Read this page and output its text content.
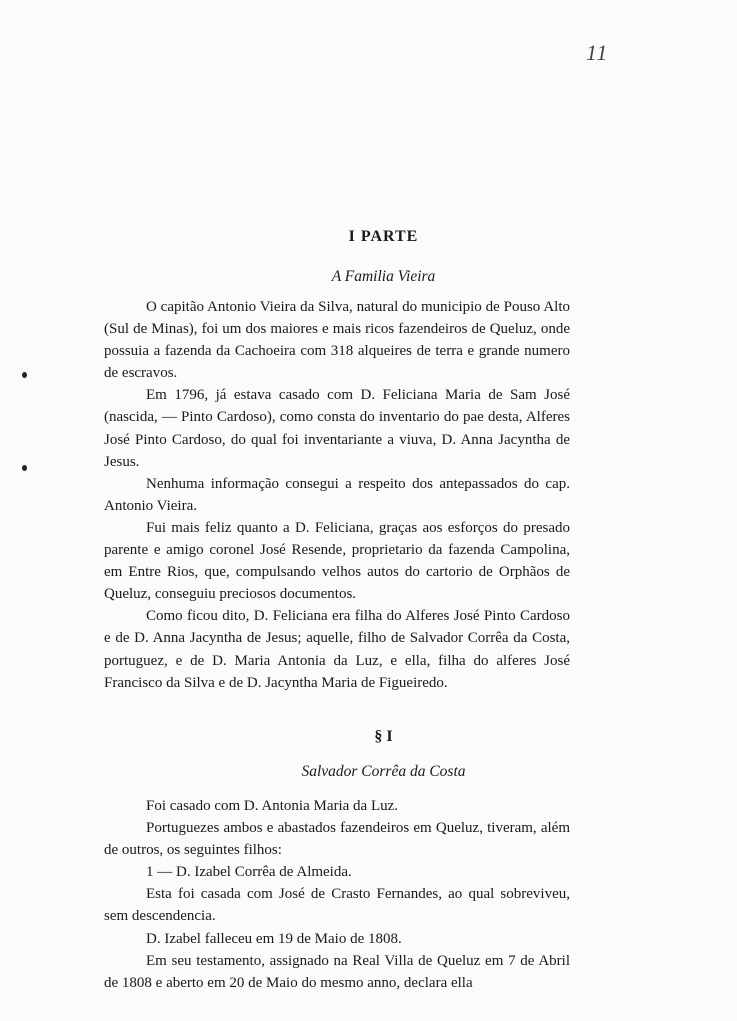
11
I PARTE
A Familia Vieira

O capitão Antonio Vieira da Silva, natural do municipio de Pouso Alto (Sul de Minas), foi um dos maiores e mais ricos fazendeiros de Queluz, onde possuia a fazenda da Cachoeira com 318 alqueires de terra e grande numero de escravos.

Em 1796, já estava casado com D. Feliciana Maria de Sam José (nascida, — Pinto Cardoso), como consta do inventario do pae desta, Alferes José Pinto Cardoso, do qual foi inventariante a viuva, D. Anna Jacyntha de Jesus.

Nenhuma informação consegui a respeito dos antepassados do cap. Antonio Vieira.

Fui mais feliz quanto a D. Feliciana, graças aos esforços do presado parente e amigo coronel José Resende, proprietario da fazenda Campolina, em Entre Rios, que, compulsando velhos autos do cartorio de Orphãos de Queluz, conseguiu preciosos documentos.

Como ficou dito, D. Feliciana era filha do Alferes José Pinto Cardoso e de D. Anna Jacyntha de Jesus; aquelle, filho de Salvador Corrêa da Costa, portuguez, e de D. Maria Antonia da Luz, e ella, filha do alferes José Francisco da Silva e de D. Jacyntha Maria de Figueiredo.

§ I
Salvador Corrêa da Costa

Foi casado com D. Antonia Maria da Luz.

Portuguezes ambos e abastados fazendeiros em Queluz, tiveram, além de outros, os seguintes filhos:

1 — D. Izabel Corrêa de Almeida.

Esta foi casada com José de Crasto Fernandes, ao qual sobreviveu, sem descendencia.

D. Izabel falleceu em 19 de Maio de 1808.

Em seu testamento, assignado na Real Villa de Queluz em 7 de Abril de 1808 e aberto em 20 de Maio do mesmo anno, declara ella
